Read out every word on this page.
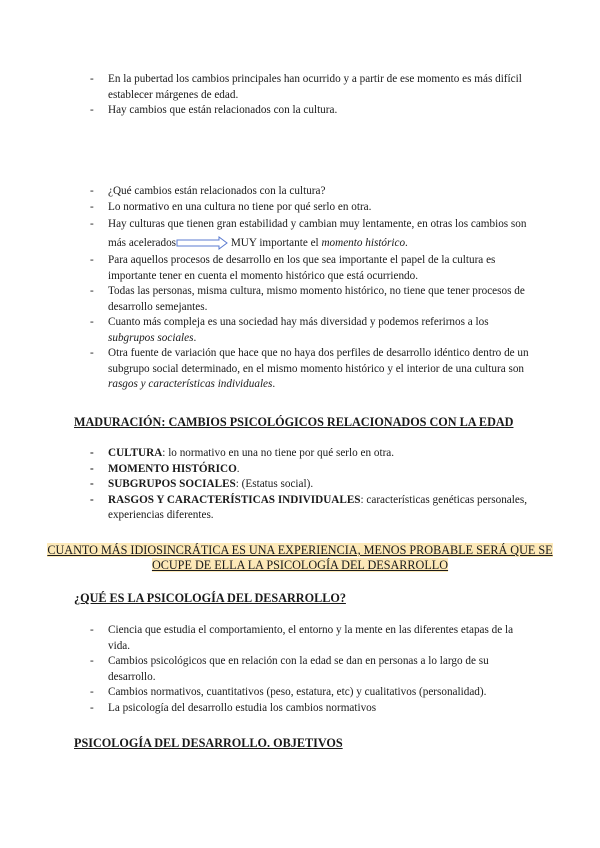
- En la pubertad los cambios principales han ocurrido y a partir de ese momento es más difícil establecer márgenes de edad.
- Hay cambios que están relacionados con la cultura.
- ¿Qué cambios están relacionados con la cultura?
- Lo normativo en una cultura no tiene por qué serlo en otra.
- Hay culturas que tienen gran estabilidad y cambian muy lentamente, en otras los cambios son más acelerados	MUY importante el momento histórico.
- Para aquellos procesos de desarrollo en los que sea importante el papel de la cultura es importante tener en cuenta el momento histórico que está ocurriendo.
- Todas las personas, misma cultura, mismo momento histórico, no tiene que tener procesos de desarrollo semejantes.
- Cuanto más compleja es una sociedad hay más diversidad y podemos referirnos a los subgrupos sociales.
- Otra fuente de variación que hace que no haya dos perfiles de desarrollo idéntico dentro de un subgrupo social determinado, en el mismo momento histórico y el interior de una cultura son rasgos y características individuales.
MADURACIÓN: CAMBIOS PSICOLÓGICOS RELACIONADOS CON LA EDAD
- CULTURA: lo normativo en una no tiene por qué serlo en otra.
- MOMENTO HISTÓRICO.
- SUBGRUPOS SOCIALES: (Estatus social).
- RASGOS Y CARACTERÍSTICAS INDIVIDUALES: características genéticas personales, experiencias diferentes.
CUANTO MÁS IDIOSINCRÁTICA ES UNA EXPERIENCIA, MENOS PROBABLE SERÁ QUE SE OCUPE DE ELLA LA PSICOLOGÍA DEL DESARROLLO
¿QUÉ ES LA PSICOLOGÍA DEL DESARROLLO?
- Ciencia que estudia el comportamiento, el entorno y la mente en las diferentes etapas de la vida.
- Cambios psicológicos que en relación con la edad se dan en personas a lo largo de su desarrollo.
- Cambios normativos, cuantitativos (peso, estatura, etc) y cualitativos (personalidad).
- La psicología del desarrollo estudia los cambios normativos
PSICOLOGÍA DEL DESARROLLO. OBJETIVOS
